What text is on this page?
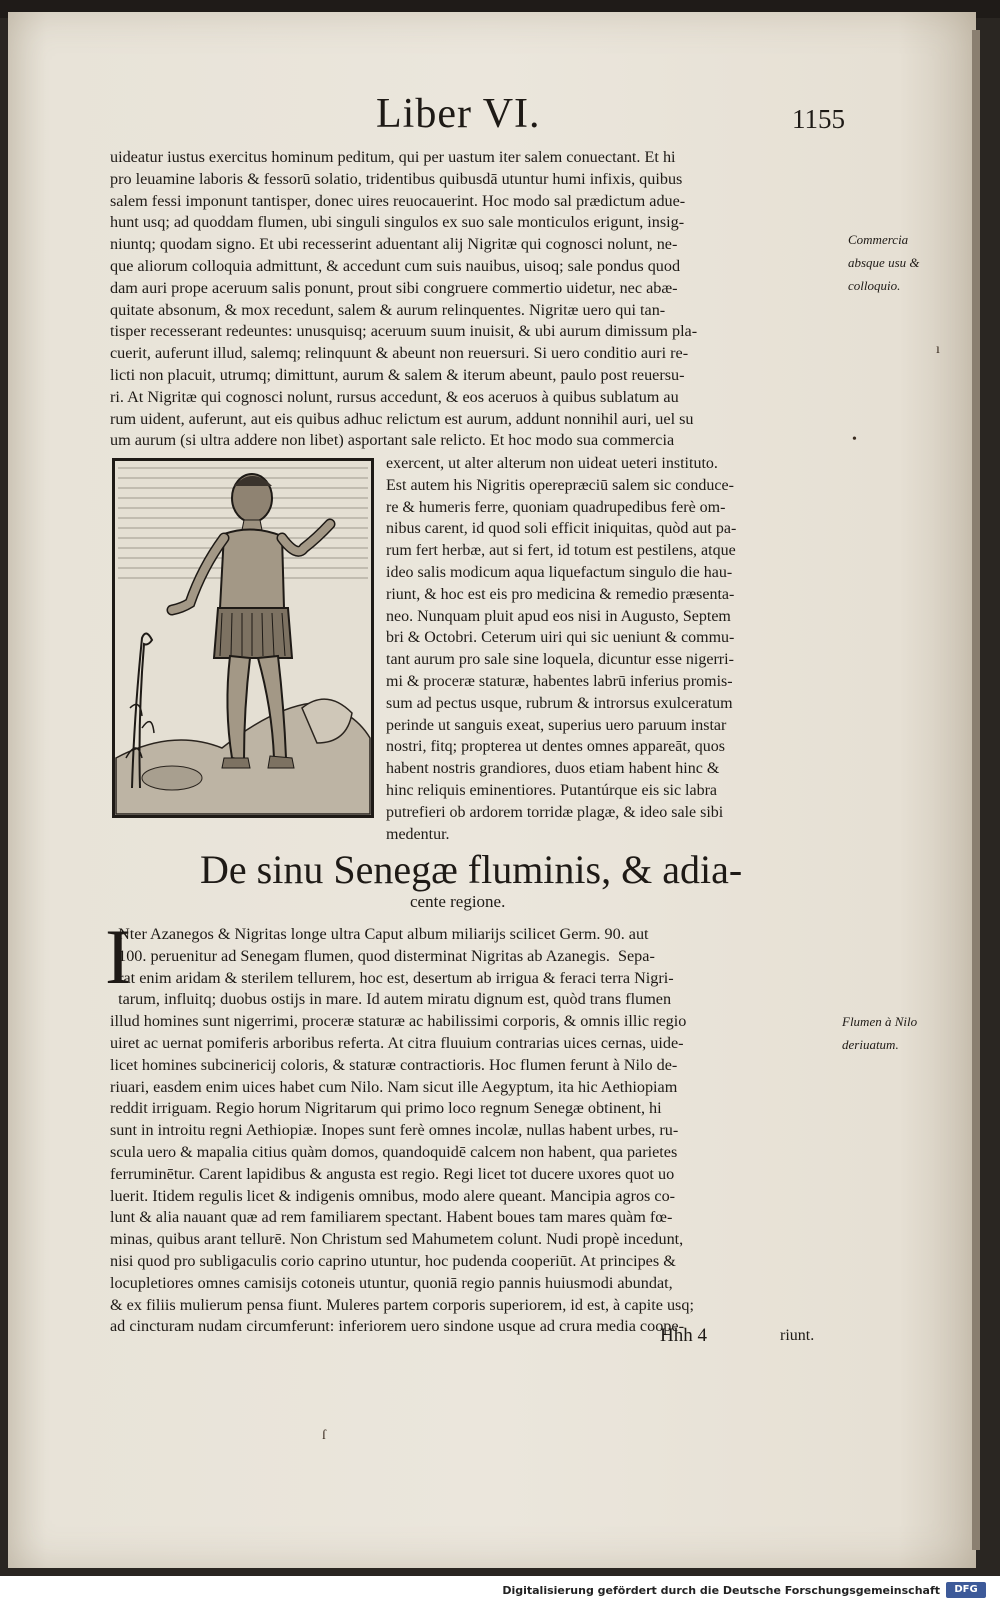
Liber VI.	1155
uideatur iustus exercitus hominum peditum, qui per uastum iter salem conuectant. Et hi
pro leuamine laboris & fessorū solatio, tridentibus quibusdā utuntur humi infixis, quibus
salem fessi imponunt tantisper, donec uires reuocauerint. Hoc modo sal prædictum adue-
hunt usq; ad quoddam flumen, ubi singuli singulos ex suo sale monticulos erigunt, insig-
niuntq; quodam signo. Et ubi recesserint aduentant alij Nigritæ qui cognosci nolunt, ne-
que aliorum colloquia admittunt, & accedunt cum suis nauibus, uisoq; sale pondus quod
dam auri prope aceruum salis ponunt, prout sibi congruere commertio uidetur, nec abæ-
quitate absonum, & mox recedunt, salem & aurum relinquentes. Nigritæ uero qui tan-
tisper recesserant redeuntes: unusquisq; aceruum suum inuisit, & ubi aurum dimissum pla-
cuerit, auferunt illud, salemq; relinquunt & abeunt non reuersuri. Si uero conditio auri re-
licti non placuit, utrumq; dimittunt, aurum & salem & iterum abeunt, paulo post reuersu-
ri. At Nigritæ qui cognosci nolunt, rursus accedunt, & eos aceruos à quibus sublatum au
rum uident, auferunt, aut eis quibus adhuc relictum est aurum, addunt nonnihil auri, uel su
um aurum (si ultra addere non libet) asportant sale relicto. Et hoc modo sua commercia
Commercia
absque usu &
colloquio.
exercent, ut alter alterum non uideat ueteri instituto.
Est autem his Nigritis operepræciū salem sic conduce-
re & humeris ferre, quoniam quadrupedibus ferè om-
nibus carent, id quod soli efficit iniquitas, quòd aut pa-
rum fert herbæ, aut si fert, id totum est pestilens, atque
ideo salis modicum aqua liquefactum singulo die hau-
riunt, & hoc est eis pro medicina & remedio præsenta-
neo. Nunquam pluit apud eos nisi in Augusto, Septem
bri & Octobri. Ceterum uiri qui sic ueniunt & commu-
tant aurum pro sale sine loquela, dicuntur esse nigerri-
mi & proceræ staturæ, habentes labrū inferius promis-
sum ad pectus usque, rubrum & introrsus exulceratum
perinde ut sanguis exeat, superius uero paruum instar
nostri, fitq; propterea ut dentes omnes appareāt, quos
habent nostris grandiores, duos etiam habent hinc &
hinc reliquis eminentiores. Putantúrque eis sic labra
putrefieri ob ardorem torridæ plagæ, & ideo sale sibi
medentur.
De sinu Senegæ fluminis, & adia-
cente regione.
I
Nter Azanegos & Nigritas longe ultra Caput album miliarijs scilicet Germ. 90. aut
100. peruenitur ad Senegam flumen, quod disterminat Nigritas ab Azanegis.  Sepa-
rat enim aridam & sterilem tellurem, hoc est, desertum ab irrigua & feraci terra Nigri-
tarum, influitq; duobus ostijs in mare. Id autem miratu dignum est, quòd trans flumen
illud homines sunt nigerrimi, proceræ staturæ ac habilissimi corporis, & omnis illic regio
uiret ac uernat pomiferis arboribus referta. At citra fluuium contrarias uices cernas, uide-
licet homines subcinericij coloris, & staturæ contractioris. Hoc flumen ferunt à Nilo de-
riuari, easdem enim uices habet cum Nilo. Nam sicut ille Aegyptum, ita hic Aethiopiam
reddit irriguam. Regio horum Nigritarum qui primo loco regnum Senegæ obtinent, hi
sunt in introitu regni Aethiopiæ. Inopes sunt ferè omnes incolæ, nullas habent urbes, ru-
scula uero & mapalia citius quàm domos, quandoquidē calcem non habent, qua parietes
ferruminētur. Carent lapidibus & angusta est regio. Regi licet tot ducere uxores quot uo
luerit. Itidem regulis licet & indigenis omnibus, modo alere queant. Mancipia agros co-
lunt & alia nauant quæ ad rem familiarem spectant. Habent boues tam mares quàm fœ-
minas, quibus arant tellurē. Non Christum sed Mahumetem colunt. Nudi propè incedunt,
nisi quod pro subligaculis corio caprino utuntur, hoc pudenda cooperiūt. At principes &
locupletiores omnes camisijs cotoneis utuntur, quoniā regio pannis huiusmodi abundat,
& ex filiis mulierum pensa fiunt. Muleres partem corporis superiorem, id est, à capite usq;
ad cincturam nudam circumferunt: inferiorem uero sindone usque ad crura media coope-
Flumen à Nilo
deriuatum.
Hhh 4	riunt.
ı
•
ſ
Digitalisierung gefördert durch die Deutsche Forschungsgemeinschaft	DFG
